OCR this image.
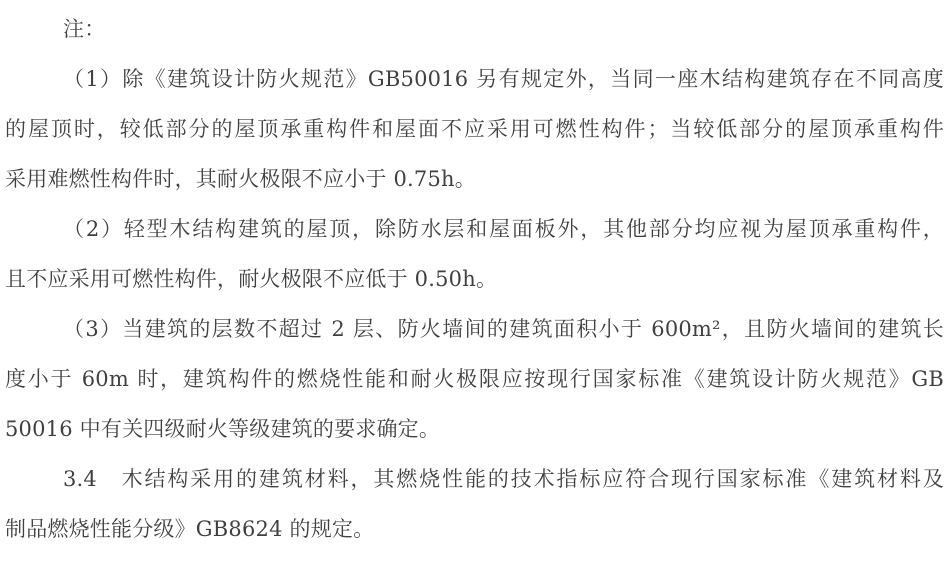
注：
（1）除《建筑设计防火规范》GB50016 另有规定外，当同一座木结构建筑存在不同高度
的屋顶时，较低部分的屋顶承重构件和屋面不应采用可燃性构件；当较低部分的屋顶承重构件
采用难燃性构件时，其耐火极限不应小于 0.75h。
（2）轻型木结构建筑的屋顶，除防水层和屋面板外，其他部分均应视为屋顶承重构件，
且不应采用可燃性构件，耐火极限不应低于 0.50h。
（3）当建筑的层数不超过 2 层、防火墙间的建筑面积小于 600m²，且防火墙间的建筑长
度小于 60m 时，建筑构件的燃烧性能和耐火极限应按现行国家标准《建筑设计防火规范》GB
50016 中有关四级耐火等级建筑的要求确定。
3.4　木结构采用的建筑材料，其燃烧性能的技术指标应符合现行国家标准《建筑材料及
制品燃烧性能分级》GB8624 的规定。
